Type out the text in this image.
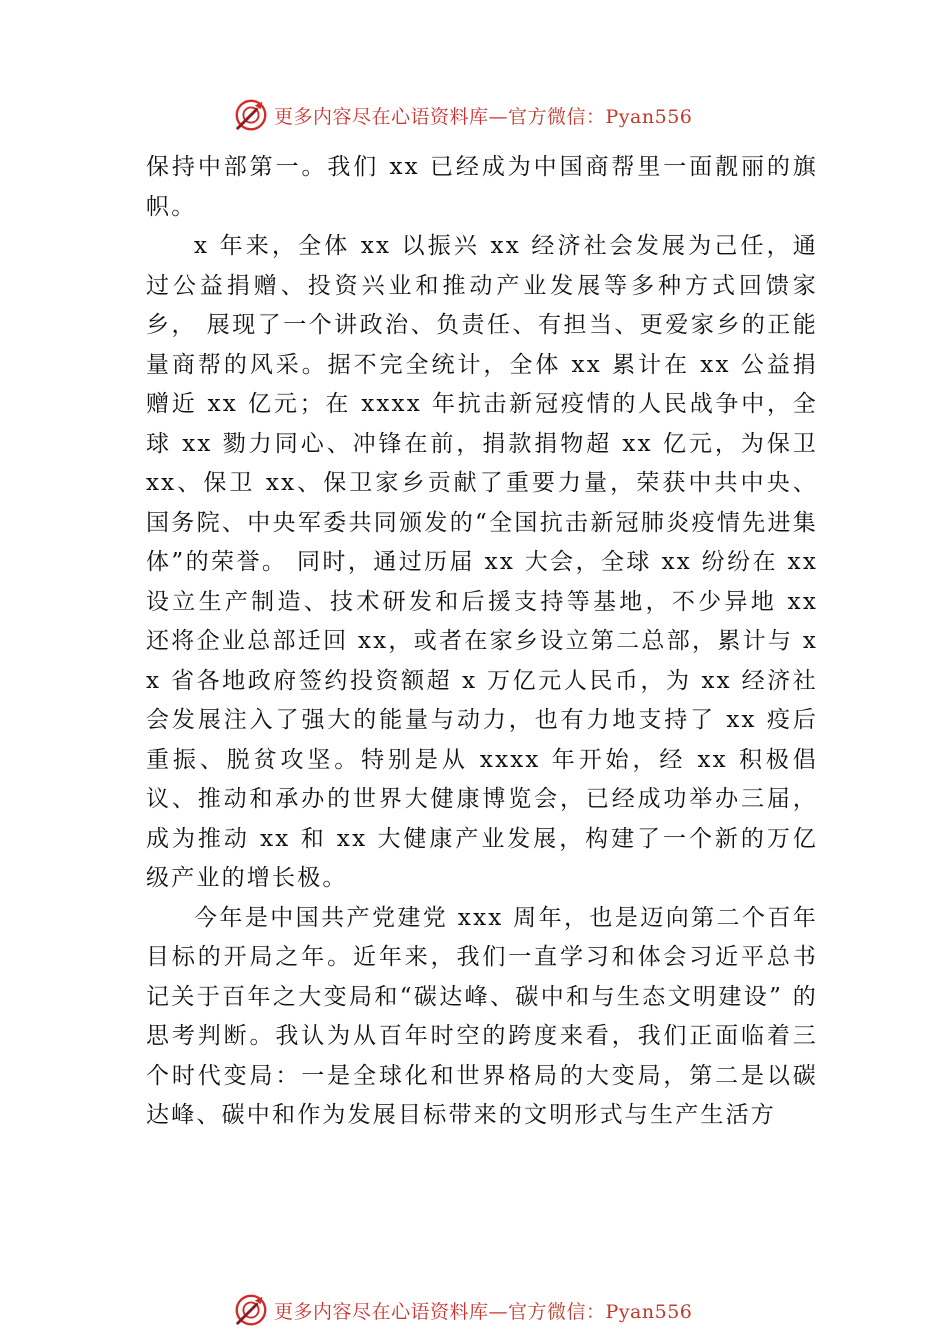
更多内容尽在心语资料库—官方微信：Pyan556

保持中部第一。我们 xx 已经成为中国商帮里一面靓丽的旗帜。

x 年来，全体 xx 以振兴 xx 经济社会发展为己任，通过公益捐赠、投资兴业和推动产业发展等多种方式回馈家乡， 展现了一个讲政治、负责任、有担当、更爱家乡的正能量商帮的风采。据不完全统计，全体 xx 累计在 xx 公益捐赠近 xx 亿元；在 xxxx 年抗击新冠疫情的人民战争中，全球 xx 勠力同心、冲锋在前，捐款捐物超 xx 亿元，为保卫 xx、保卫 xx、保卫家乡贡献了重要力量，荣获中共中央、国务院、中央军委共同颁发的“全国抗击新冠肺炎疫情先进集体”的荣誉。 同时，通过历届 xx 大会，全球 xx 纷纷在 xx 设立生产制造、技术研发和后援支持等基地，不少异地 xx 还将企业总部迁回 xx，或者在家乡设立第二总部，累计与 xx 省各地政府签约投资额超 x 万亿元人民币，为 xx 经济社会发展注入了强大的能量与动力，也有力地支持了 xx 疫后重振、脱贫攻坚。特别是从 xxxx 年开始，经 xx 积极倡议、推动和承办的世界大健康博览会，已经成功举办三届，成为推动 xx 和 xx 大健康产业发展，构建了一个新的万亿级产业的增长极。

今年是中国共产党建党 xxx 周年，也是迈向第二个百年目标的开局之年。近年来，我们一直学习和体会习近平总书记关于百年之大变局和“碳达峰、碳中和与生态文明建设” 的思考判断。我认为从百年时空的跨度来看，我们正面临着三个时代变局：一是全球化和世界格局的大变局，第二是以碳达峰、碳中和作为发展目标带来的文明形式与生产生活方

更多内容尽在心语资料库—官方微信：Pyan556
